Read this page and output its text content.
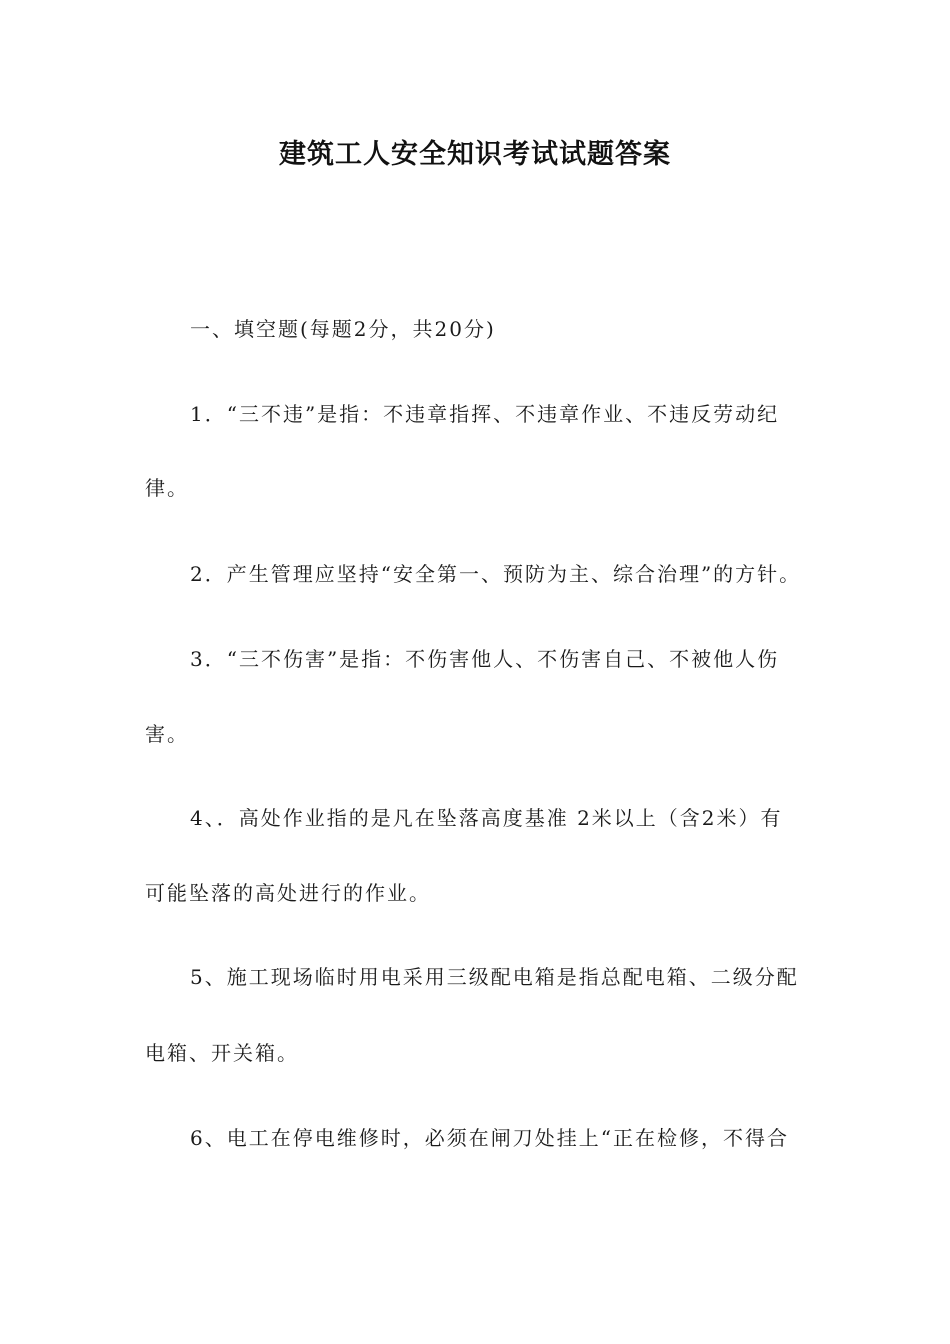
建筑工人安全知识考试试题答案
一、填空题(每题2分，共20分)
1．“三不违”是指：不违章指挥、不违章作业、不违反劳动纪
律。
2．产生管理应坚持“安全第一、预防为主、综合治理”的方针。
3．“三不伤害”是指：不伤害他人、不伤害自己、不被他人伤
害。
4、．高处作业指的是凡在坠落高度基准 2米以上（含2米）有
可能坠落的高处进行的作业。
5、施工现场临时用电采用三级配电箱是指总配电箱、二级分配
电箱、开关箱。
6、电工在停电维修时，必须在闸刀处挂上“正在检修，不得合
